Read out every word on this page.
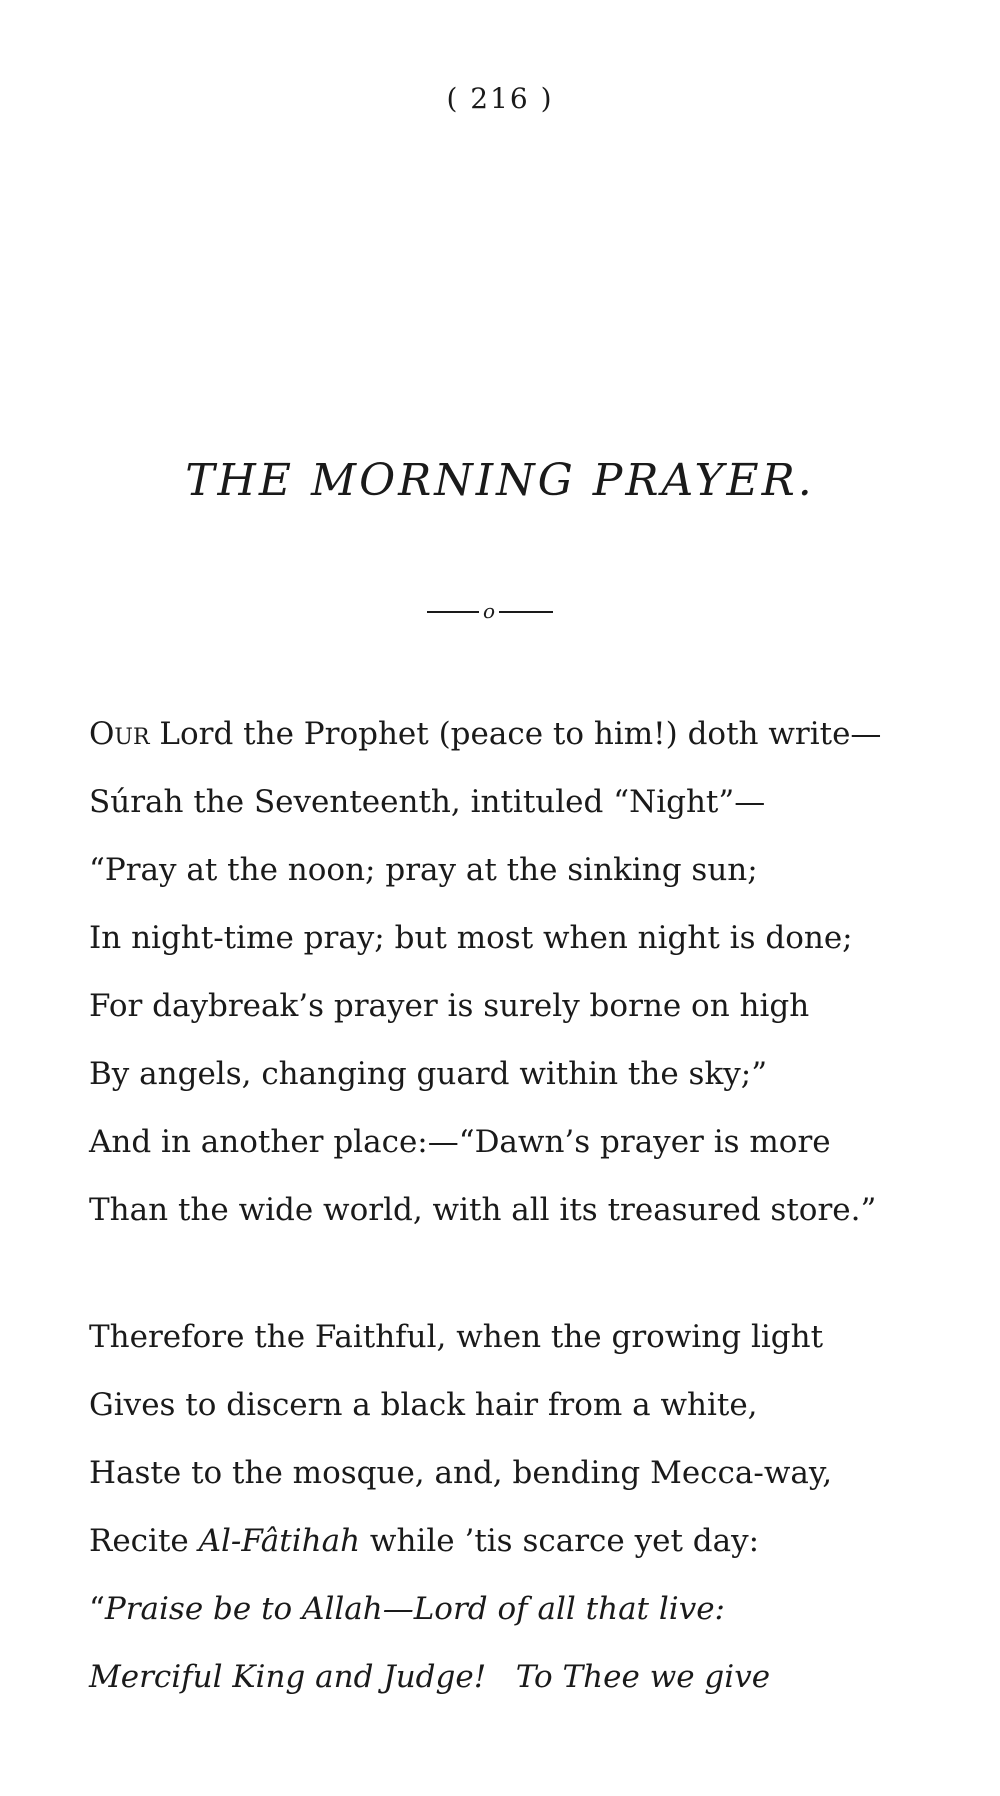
( 216 )
THE MORNING PRAYER.
o
Our Lord the Prophet (peace to him!) doth write—
Súrah the Seventeenth, intituled “Night”—
“Pray at the noon; pray at the sinking sun;
In night-time pray; but most when night is done;
For daybreak’s prayer is surely borne on high
By angels, changing guard within the sky;”
And in another place:—“Dawn’s prayer is more
Than the wide world, with all its treasured store.”
Therefore the Faithful, when the growing light
Gives to discern a black hair from a white,
Haste to the mosque, and, bending Mecca-way,
Recite Al-Fâtihah while ’tis scarce yet day:
“Praise be to Allah—Lord of all that live:
Merciful King and Judge!   To Thee we give
